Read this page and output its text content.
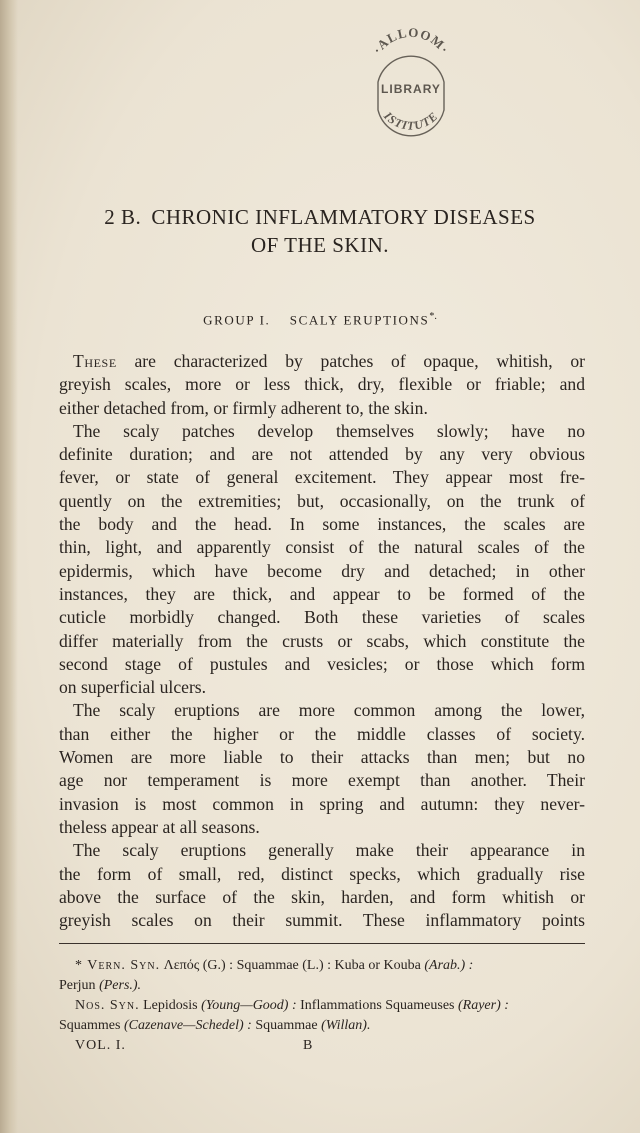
·ALLOOM·
LIBRARY
ISTITUTE
2 B. CHRONIC INFLAMMATORY DISEASES
OF THE SKIN.
GROUP I. SCALY ERUPTIONS*.
These are characterized by patches of opaque, whitish, or
greyish scales, more or less thick, dry, flexible or friable; and
either detached from, or firmly adherent to, the skin.
The scaly patches develop themselves slowly; have no
definite duration; and are not attended by any very obvious
fever, or state of general excitement. They appear most fre-
quently on the extremities; but, occasionally, on the trunk of
the body and the head. In some instances, the scales are
thin, light, and apparently consist of the natural scales of the
epidermis, which have become dry and detached; in other
instances, they are thick, and appear to be formed of the
cuticle morbidly changed. Both these varieties of scales
differ materially from the crusts or scabs, which constitute the
second stage of pustules and vesicles; or those which form
on superficial ulcers.
The scaly eruptions are more common among the lower,
than either the higher or the middle classes of society.
Women are more liable to their attacks than men; but no
age nor temperament is more exempt than another. Their
invasion is most common in spring and autumn: they never-
theless appear at all seasons.
The scaly eruptions generally make their appearance in
the form of small, red, distinct specks, which gradually rise
above the surface of the skin, harden, and form whitish or
greyish scales on their summit. These inflammatory points
* Vern. Syn. Λεπός (G.) : Squammae (L.) : Kuba or Kouba (Arab.) :
Perjun (Pers.).
Nos. Syn. Lepidosis (Young—Good) : Inflammations Squameuses (Rayer) :
Squammes (Cazenave—Schedel) : Squammae (Willan).
VOL. I.	B
